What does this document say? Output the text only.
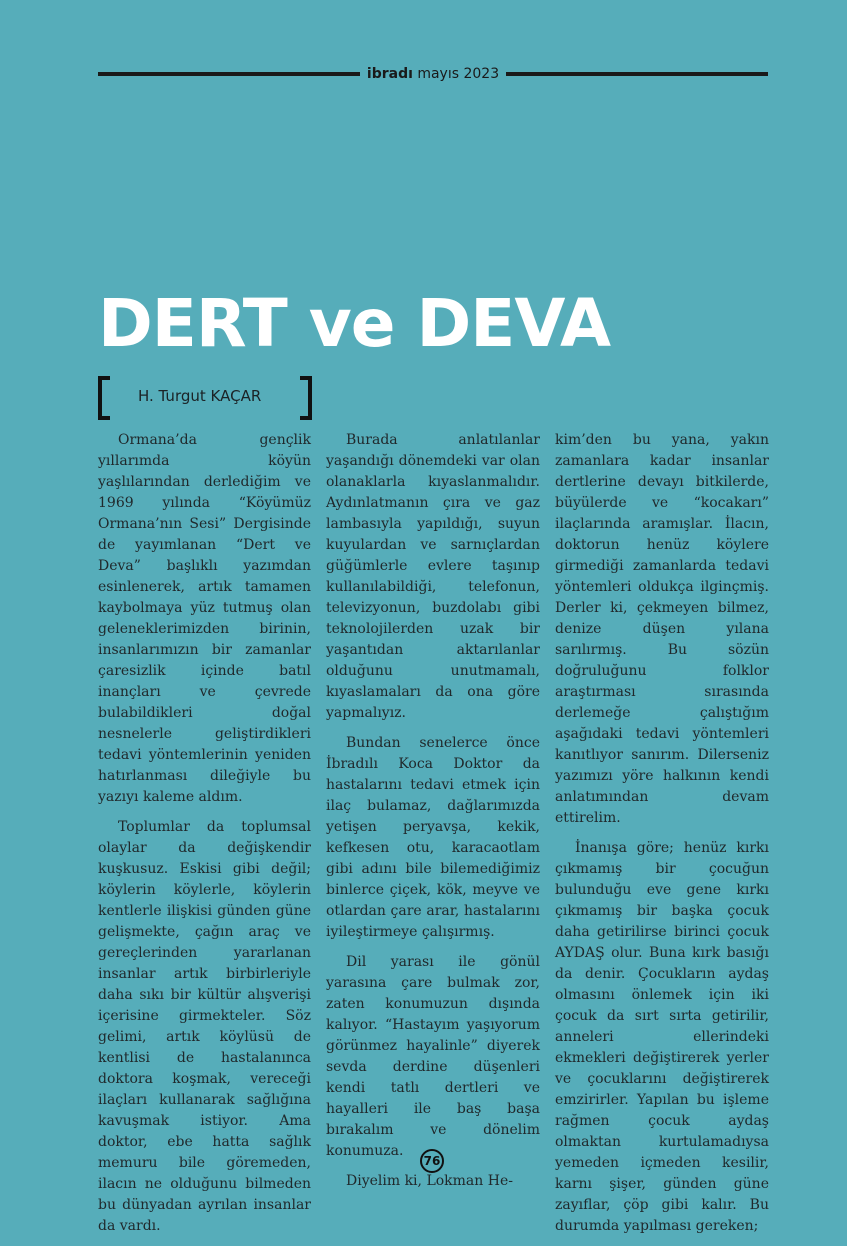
ibradı mayıs 2023
DERT ve DEVA
H. Turgut KAÇAR

Ormana’da gençlik yıllarımda köyün yaşlılarından derlediğim ve 1969 yılında “Köyümüz Ormana’nın Sesi” Dergisinde de yayımlanan “Dert ve Deva” başlıklı yazımdan esinlenerek, artık tamamen kaybolmaya yüz tutmuş olan geleneklerimizden birinin, insanlarımızın bir zamanlar çaresizlik içinde batıl inançları ve çevrede bulabildikleri doğal nesnelerle geliştirdikleri tedavi yöntemlerinin yeniden hatırlanması dileğiyle bu yazıyı kaleme aldım.

Toplumlar da toplumsal olaylar da değişkendir kuşkusuz. Eskisi gibi değil; köylerin köylerle, köylerin kentlerle ilişkisi günden güne gelişmekte, çağın araç ve gereçlerinden yararlanan insanlar artık birbirleriyle daha sıkı bir kültür alışverişi içerisine girmekteler. Söz gelimi, artık köylüsü de kentlisi de hastalanınca doktora koşmak, vereceği ilaçları kullanarak sağlığına kavuşmak istiyor. Ama doktor, ebe hatta sağlık memuru bile göremeden, ilacın ne olduğunu bilmeden bu dünyadan ayrılan insanlar da vardı.

Burada anlatılanlar yaşandığı dönemdeki var olan olanaklarla kıyaslanmalıdır. Aydınlatmanın çıra ve gaz lambasıyla yapıldığı, suyun kuyulardan ve sarnıçlardan güğümlerle evlere taşınıp kullanılabildiği, telefonun, televizyonun, buzdolabı gibi teknolojilerden uzak bir yaşantıdan aktarılanlar olduğunu unutmamalı, kıyaslamaları da ona göre yapmalıyız.

Bundan senelerce önce İbradılı Koca Doktor da hastalarını tedavi etmek için ilaç bulamaz, dağlarımızda yetişen peryavşa, kekik, kefkesen otu, karacaotlam gibi adını bile bilemediğimiz binlerce çiçek, kök, meyve ve otlardan çare arar, hastalarını iyileştirmeye çalışırmış.

Dil yarası ile gönül yarasına çare bulmak zor, zaten konumuzun dışında kalıyor. “Hastayım yaşıyorum görünmez hayalinle” diyerek sevda derdine düşenleri kendi tatlı dertleri ve hayalleri ile baş başa bırakalım ve dönelim konumuza.

Diyelim ki, Lokman He-

kim’den bu yana, yakın zamanlara kadar insanlar dertlerine devayı bitkilerde, büyülerde ve “kocakarı” ilaçlarında aramışlar. İlacın, doktorun henüz köylere girmediği zamanlarda tedavi yöntemleri oldukça ilginçmiş. Derler ki, çekmeyen bilmez, denize düşen yılana sarılırmış. Bu sözün doğruluğunu folklor araştırması sırasında derlemeğe çalıştığım aşağıdaki tedavi yöntemleri kanıtlıyor sanırım. Dilerseniz yazımızı yöre halkının kendi anlatımından devam ettirelim.

İnanışa göre; henüz kırkı çıkmamış bir çocuğun bulunduğu eve gene kırkı çıkmamış bir başka çocuk daha getirilirse birinci çocuk AYDAŞ olur. Buna kırk basığı da denir. Çocukların aydaş olmasını önlemek için iki çocuk da sırt sırta getirilir, anneleri ellerindeki ekmekleri değiştirerek yerler ve çocuklarını değiştirerek emzirirler. Yapılan bu işleme rağmen çocuk aydaş olmaktan kurtulamadıysa yemeden içmeden kesilir, karnı şişer, günden güne zayıflar, çöp gibi kalır. Bu durumda yapılması gereken;

76
